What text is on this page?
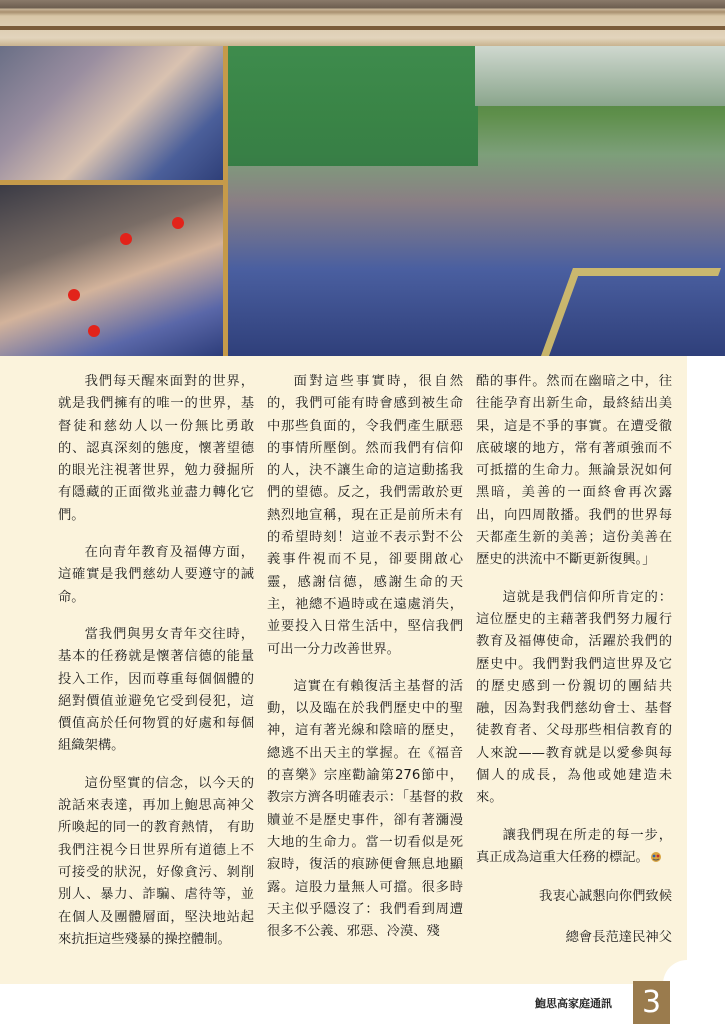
我們每天醒來面對的世界，就是我們擁有的唯一的世界，基督徒和慈幼人以一份無比勇敢的、認真深刻的態度，懷著望德的眼光注視著世界，勉力發掘所有隱藏的正面徵兆並盡力轉化它們。

在向青年教育及福傳方面，這確實是我們慈幼人要遵守的誡命。

當我們與男女青年交往時，基本的任務就是懷著信德的能量投入工作，因而尊重每個個體的絕對價值並避免它受到侵犯，這價值高於任何物質的好處和每個組織架構。

這份堅實的信念，以今天的說話來表達，再加上鮑思高神父所喚起的同一的教育熱情， 有助我們注視今日世界所有道德上不可接受的狀況，好像貪污、剝削別人、暴力、詐騙、虐待等，並在個人及團體層面，堅決地站起來抗拒這些殘暴的操控體制。

面對這些事實時，很自然的，我們可能有時會感到被生命中那些負面的，令我們產生厭惡的事情所壓倒。然而我們有信仰的人，決不讓生命的這這動搖我們的望德。反之，我們需敢於更熱烈地宣稱，現在正是前所未有的希望時刻！這並不表示對不公義事件視而不見，卻要開啟心靈，感謝信德，感謝生命的天主，祂總不過時或在遠處消失，並要投入日常生活中，堅信我們可出一分力改善世界。

這實在有賴復活主基督的活動，以及臨在於我們歷史中的聖神，這有著光線和陰暗的歷史，總逃不出天主的掌握。在《福音的喜樂》宗座勸諭第276節中，教宗方濟各明確表示：「基督的救贖並不是歷史事件，卻有著瀰漫大地的生命力。當一切看似是死寂時，復活的痕跡便會無息地顯露。這股力量無人可擋。很多時天主似乎隱沒了：我們看到周遭很多不公義、邪惡、冷漠、殘

酷的事件。然而在幽暗之中，往往能孕育出新生命，最終結出美果，這是不爭的事實。在遭受徹底破壞的地方，常有著頑強而不可抵擋的生命力。無論景況如何黑暗，美善的一面終會再次露出，向四周散播。我們的世界每天都產生新的美善；這份美善在歷史的洪流中不斷更新復興。」

這就是我們信仰所肯定的：這位歷史的主藉著我們努力履行教育及福傳使命，活躍於我們的歷史中。我們對我們這世界及它的歷史感到一份親切的團結共融，因為對我們慈幼會士、基督徒教育者、父母那些相信教育的人來說——教育就是以愛參與每個人的成長，為他或她建造未來。

讓我們現在所走的每一步，真正成為這重大任務的標記。

我衷心誠懇向你們致候

總會長范達民神父

鮑思高家庭通訊 3
